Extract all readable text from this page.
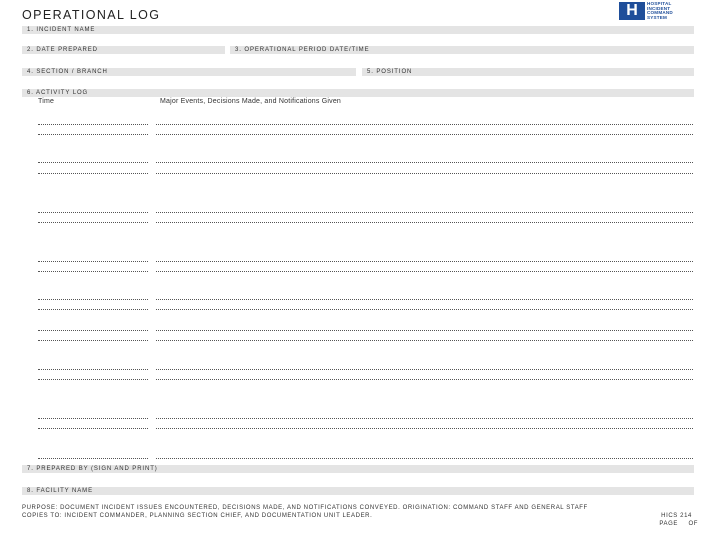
OPERATIONAL LOG	H	HOSPITAL
INCIDENT
COMMAND
SYSTEM
1. INCIDENT NAME
2. DATE PREPARED	3. OPERATIONAL PERIOD DATE/TIME
4. SECTION / BRANCH	5. POSITION
6. ACTIVITY LOG
Time	Major Events, Decisions Made, and Notifications Given
7. PREPARED BY (SIGN AND PRINT)
8. FACILITY NAME
PURPOSE: DOCUMENT INCIDENT ISSUES ENCOUNTERED, DECISIONS MADE, AND NOTIFICATIONS CONVEYED. ORIGINATION: COMMAND STAFF AND GENERAL STAFF
COPIES TO: INCIDENT COMMANDER, PLANNING SECTION CHIEF, AND DOCUMENTATION UNIT LEADER.	HICS 214
PAGE OF
